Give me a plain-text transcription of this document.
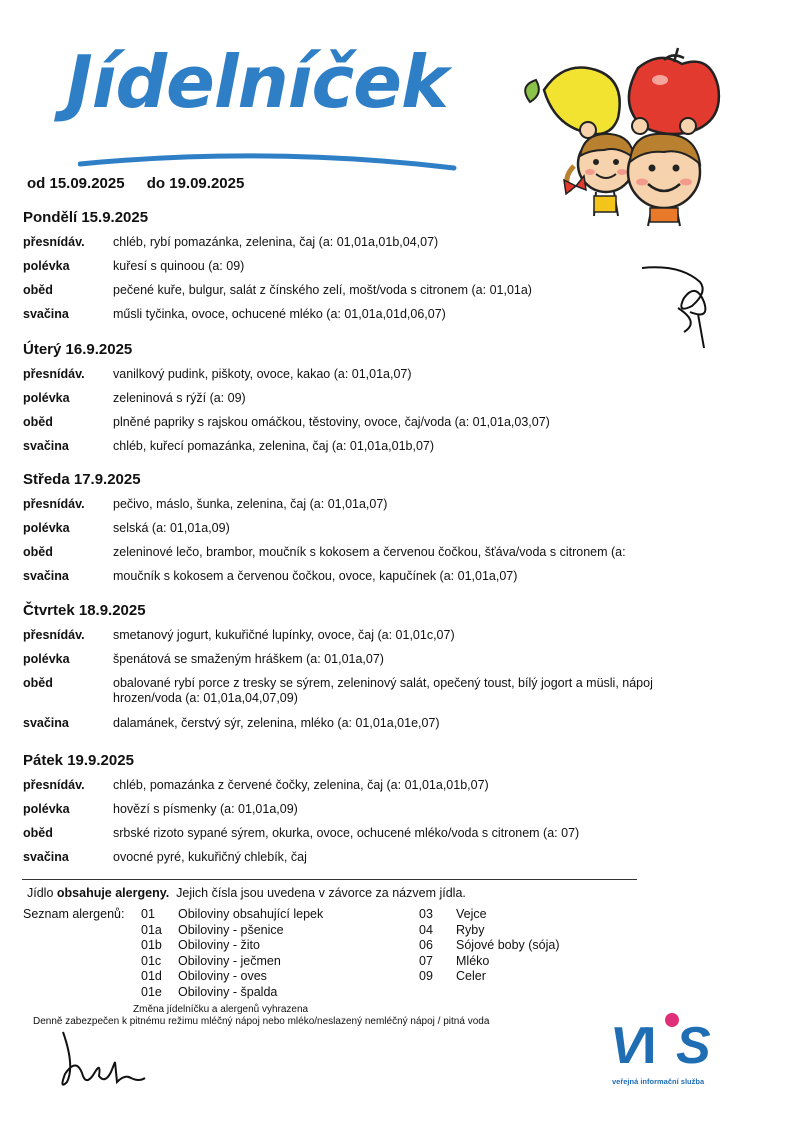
Jídelníček
od 15.09.2025 do 19.09.2025
Pondělí 15.9.2025
přesnídáv. chléb, rybí pomazánka, zelenina, čaj (a: 01,01a,01b,04,07)
polévka	kuřesí s quinoou (a: 09)
oběd	pečené kuře, bulgur, salát z čínského zelí, mošt/voda s citronem (a: 01,01a)
svačina	műsli tyčinka, ovoce, ochucené mléko (a: 01,01a,01d,06,07)
Úterý 16.9.2025
přesnídáv. vanilkový pudink, piškoty, ovoce, kakao (a: 01,01a,07)
polévka	zeleninová s rýží (a: 09)
oběd	plněné papriky s rajskou omáčkou, těstoviny, ovoce, čaj/voda (a: 01,01a,03,07)
svačina	chléb, kuřecí pomazánka, zelenina, čaj (a: 01,01a,01b,07)
Středa 17.9.2025
přesnídáv. pečivo, máslo, šunka, zelenina, čaj (a: 01,01a,07)
polévka	selská (a: 01,01a,09)
oběd	zeleninové lečo, brambor, moučník s kokosem a červenou čočkou, šťáva/voda s citronem (a:
svačina	moučník s kokosem a červenou čočkou, ovoce, kapučínek (a: 01,01a,07)
Čtvrtek 18.9.2025
přesnídáv. smetanový jogurt, kukuřičné lupínky, ovoce, čaj (a: 01,01c,07)
polévka	špenátová se smaženým hráškem (a: 01,01a,07)
oběd	obalované rybí porce z tresky se sýrem, zeleninový salát, opečený toust, bílý jogort a müsli, nápoj hrozen/voda (a: 01,01a,04,07,09)
svačina	dalamánek, čerstvý sýr, zelenina, mléko (a: 01,01a,01e,07)
Pátek 19.9.2025
přesnídáv. chléb, pomazánka z červené čočky, zelenina, čaj (a: 01,01a,01b,07)
polévka	hovězí s písmenky (a: 01,01a,09)
oběd	srbské rizoto sypané sýrem, okurka, ovoce, ochucené mléko/voda s citronem (a: 07)
svačina	ovocné pyré, kukuřičný chlebík, čaj
Jídlo obsahuje alergeny.  Jejich čísla jsou uvedena v závorce za názvem jídla.
Seznam alergenů: 01 Obiloviny obsahující lepek
01a Obiloviny - pšenice
01b Obiloviny - žito
01c Obiloviny - ječmen
01d Obiloviny - oves
01e Obiloviny - špalda
03 Vejce
04 Ryby
06 Sójové boby (sója)
07 Mléko
09 Celer
Změna jídelníčku a alergenů vyhrazena
Denně zabezpečen k pitnému režimu mléčný nápoj nebo mléko/neslazený nemléčný nápoj / pitná voda V I S
veřejná informační služba
